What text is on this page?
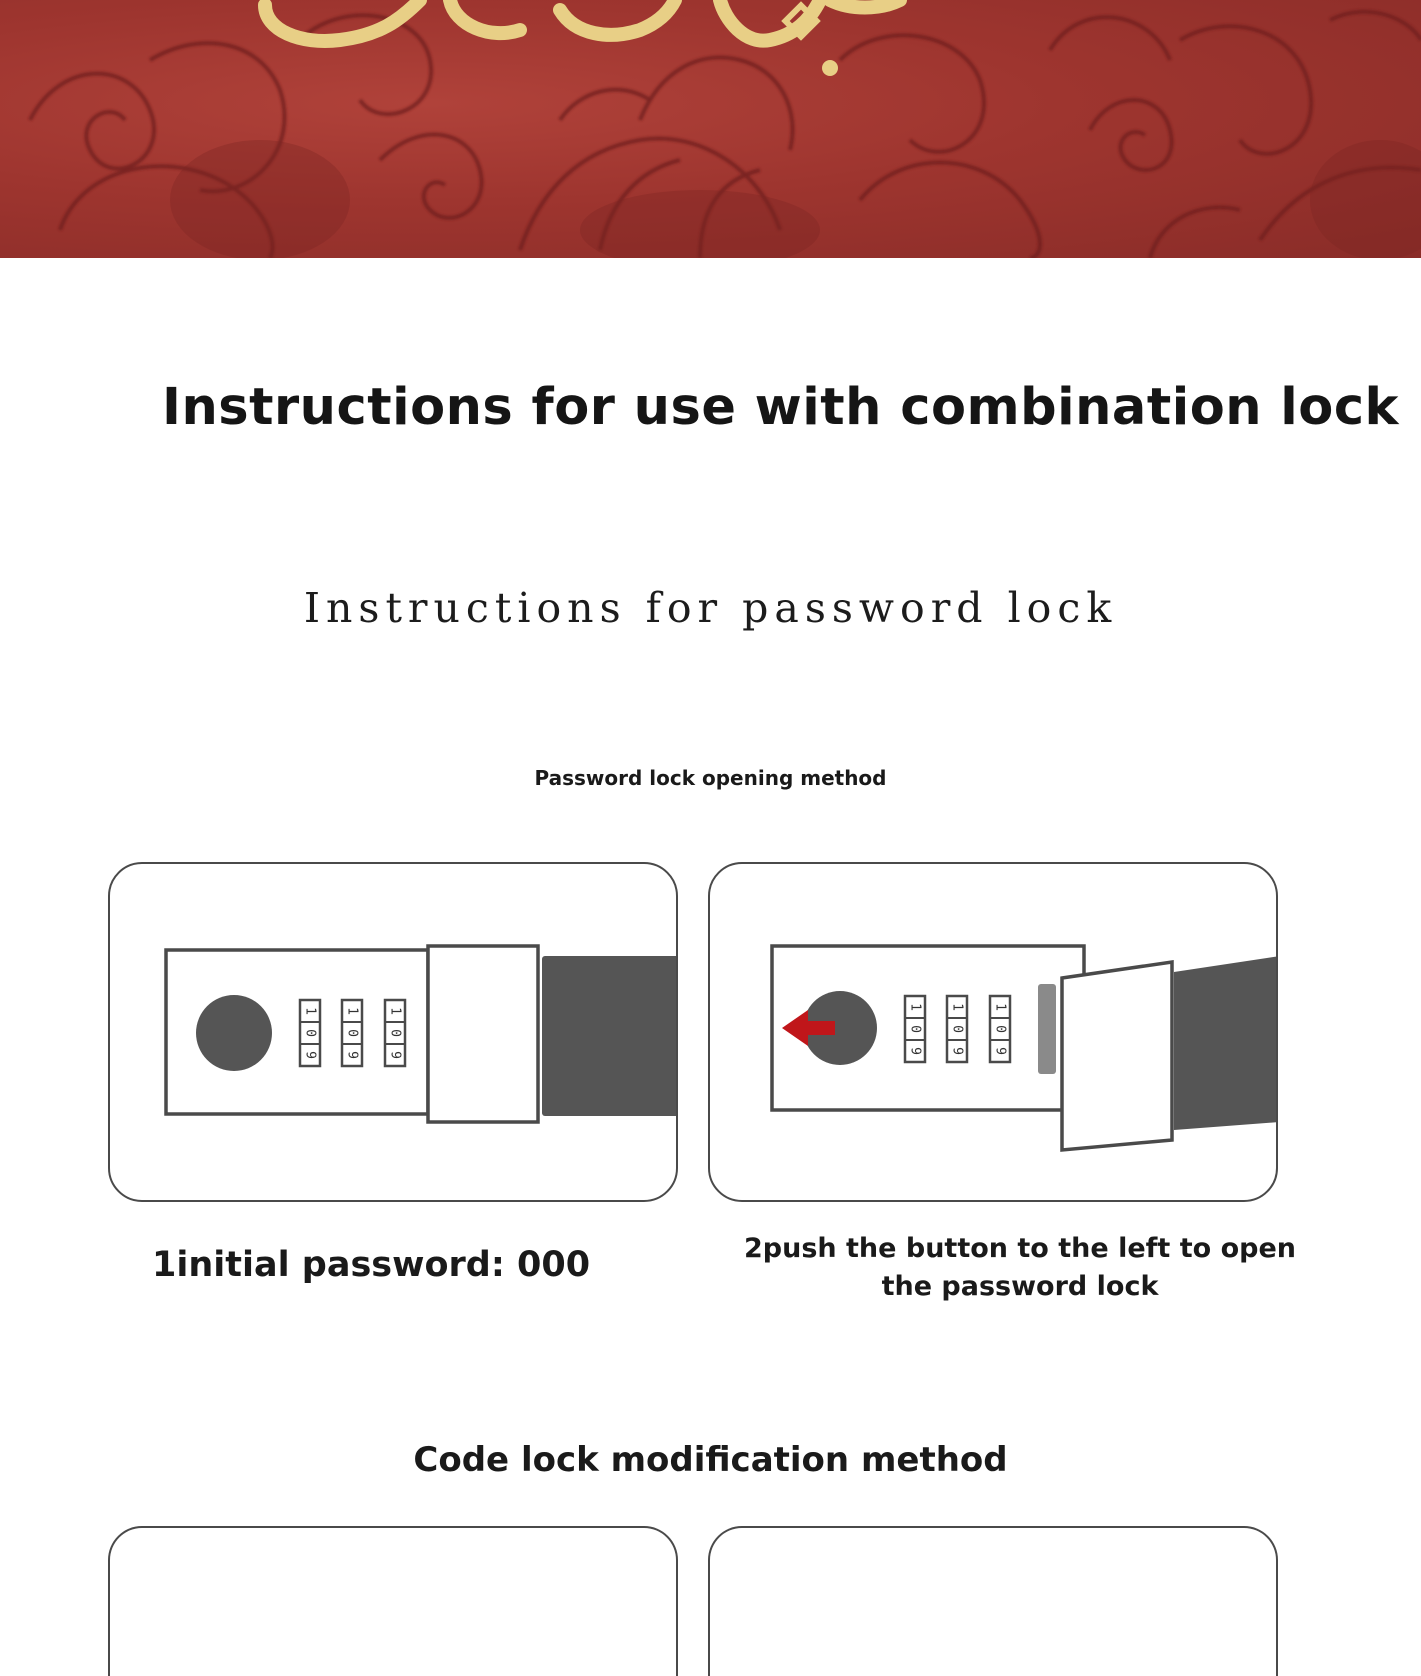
Instructions for use with combination lock
Instructions for password lock
Password lock opening method
1
0
9
1
0
9
1
0
9
1
0
9
1
0
9
1
0
9
1initial password: 000	2push the button to the left to open the password lock
Code lock modification method
